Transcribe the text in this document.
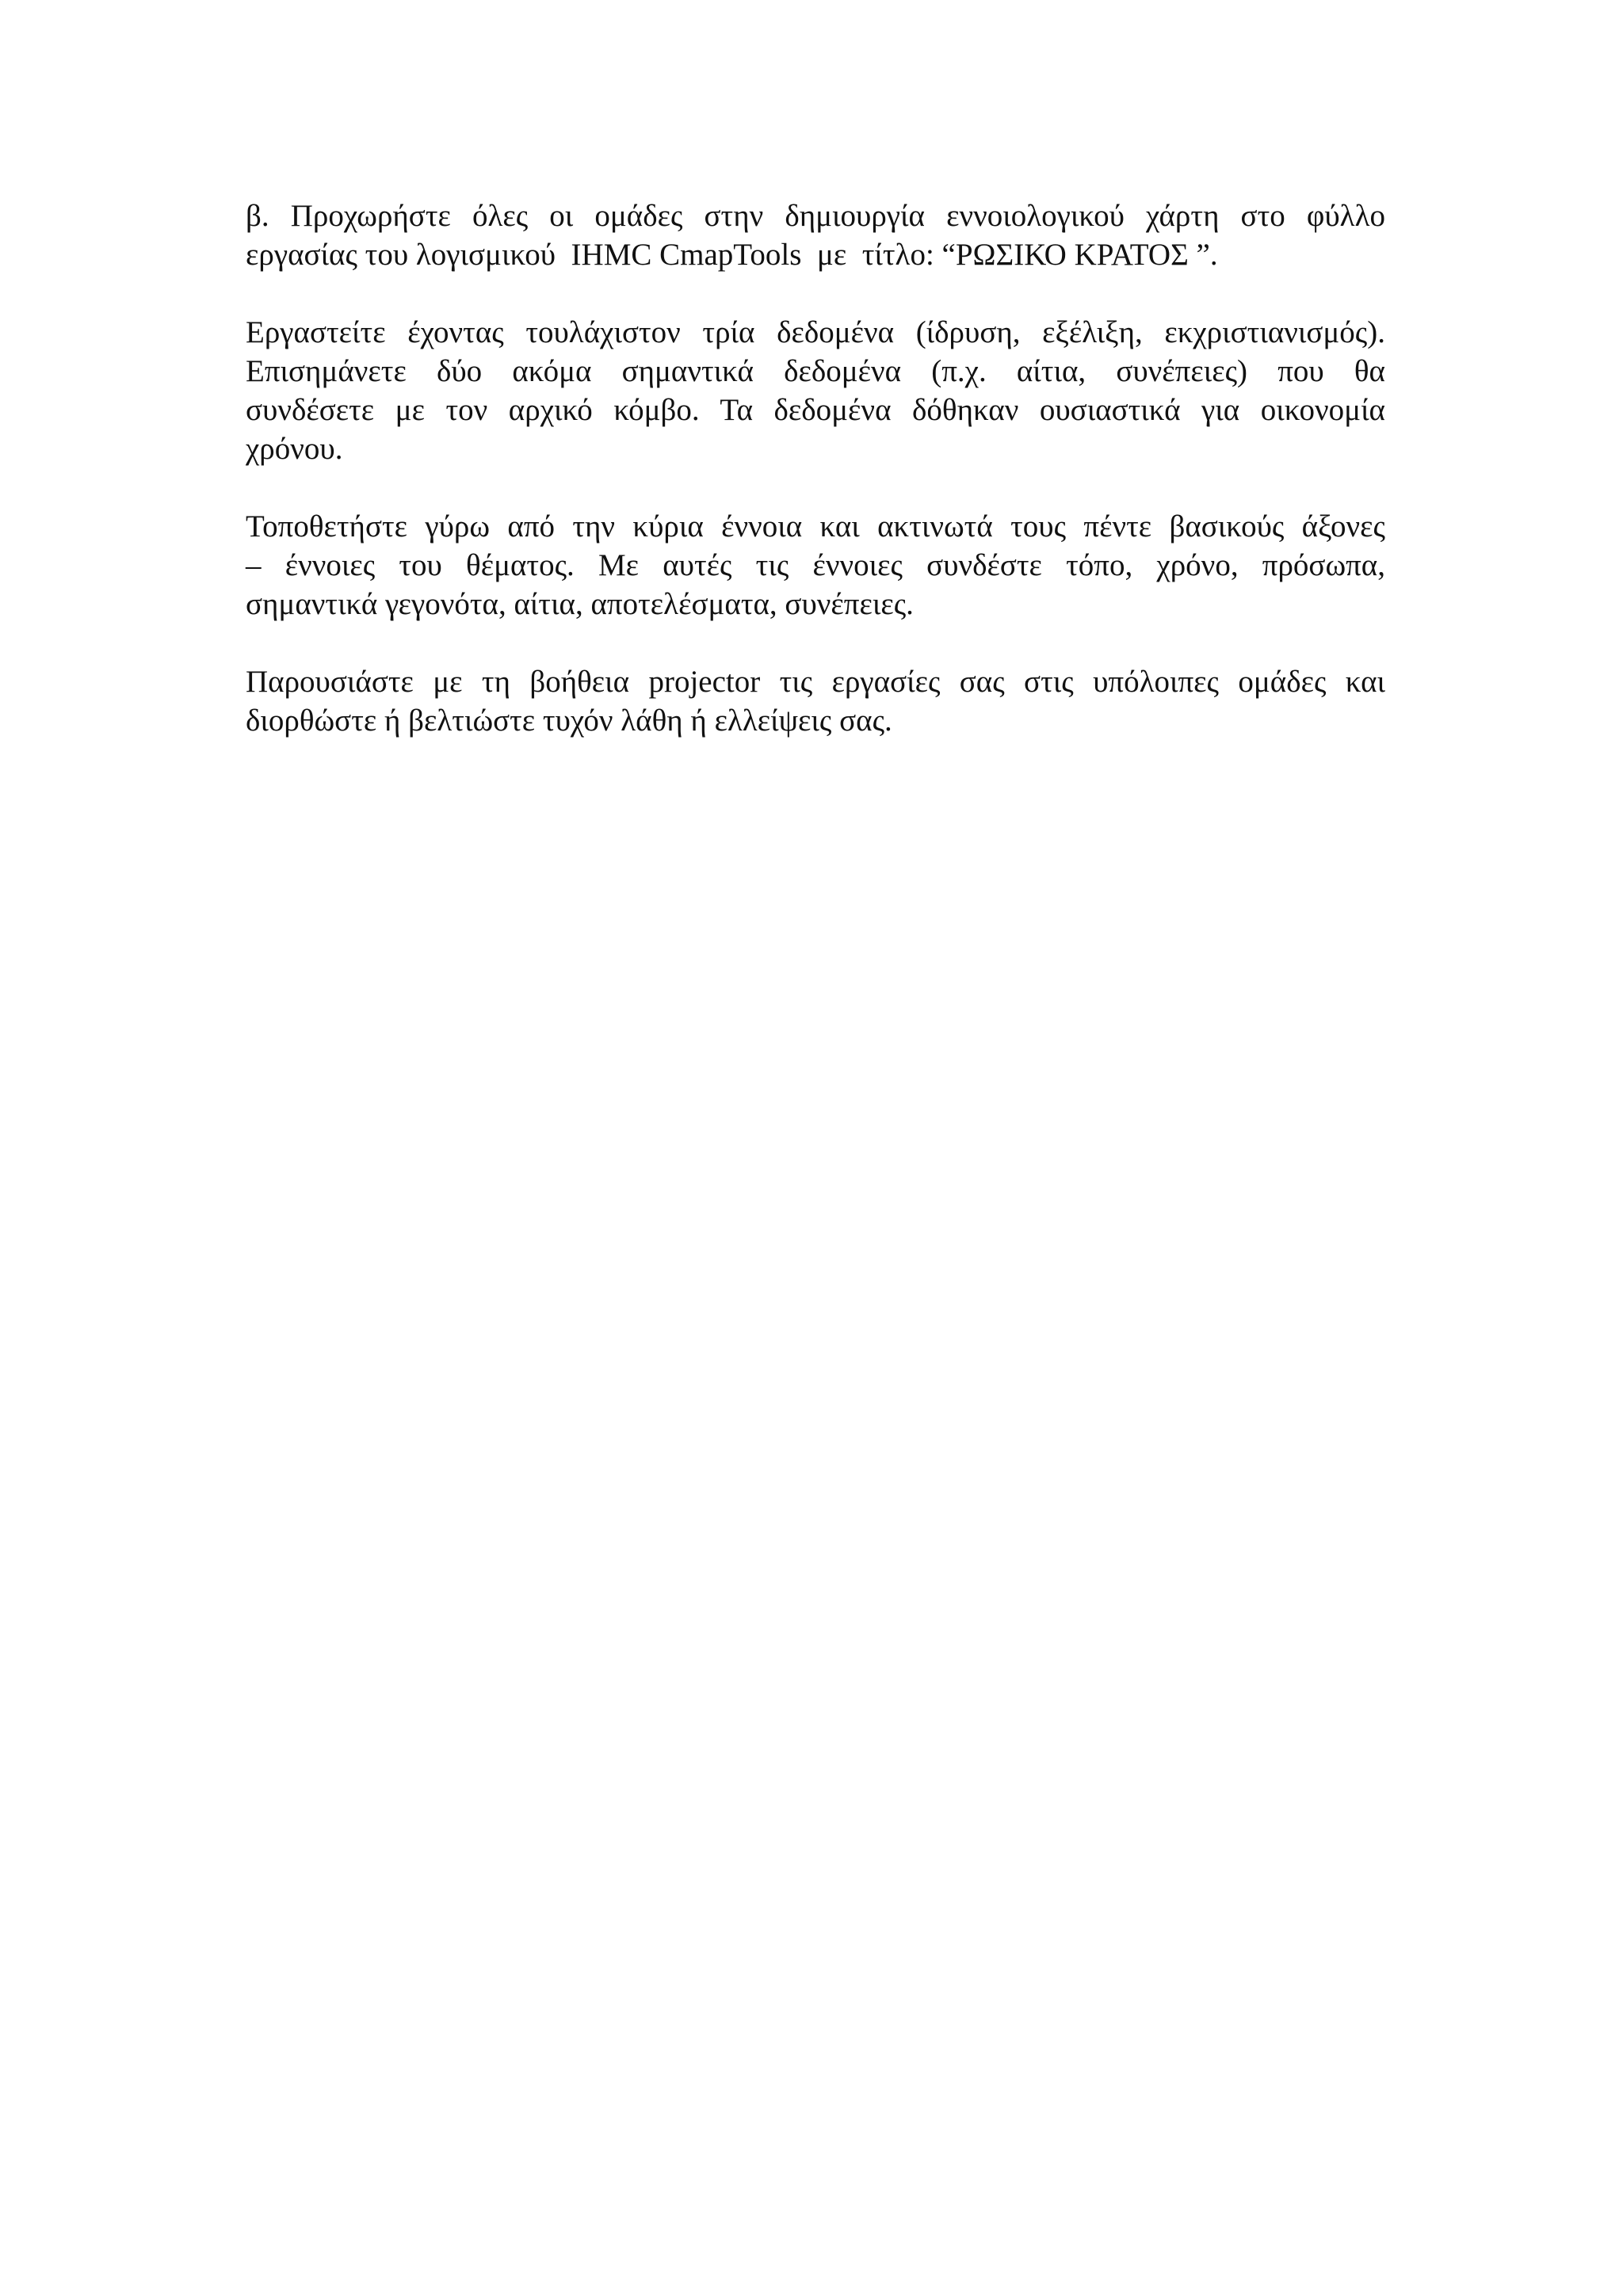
β. Προχωρήστε όλες οι ομάδες στην δημιουργία εννοιολογικού χάρτη στο φύλλο
εργασίας του λογισμικού  IHMC CmapTools  με  τίτλο: “ΡΩΣΙΚΟ ΚΡΑΤΟΣ ”.

Εργαστείτε έχοντας τουλάχιστον τρία δεδομένα (ίδρυση, εξέλιξη, εκχριστιανισμός).
Επισημάνετε δύο ακόμα σημαντικά δεδομένα (π.χ. αίτια, συνέπειες) που θα
συνδέσετε με τον αρχικό κόμβο. Τα δεδομένα δόθηκαν ουσιαστικά για οικονομία
χρόνου.

Τοποθετήστε γύρω από την κύρια έννοια και ακτινωτά τους πέντε βασικούς άξονες
– έννοιες του θέματος. Με αυτές τις έννοιες συνδέστε τόπο, χρόνο, πρόσωπα,
σημαντικά γεγονότα, αίτια, αποτελέσματα, συνέπειες.

Παρουσιάστε με τη βοήθεια projector τις εργασίες σας στις υπόλοιπες ομάδες και
διορθώστε ή βελτιώστε τυχόν λάθη ή ελλείψεις σας.
